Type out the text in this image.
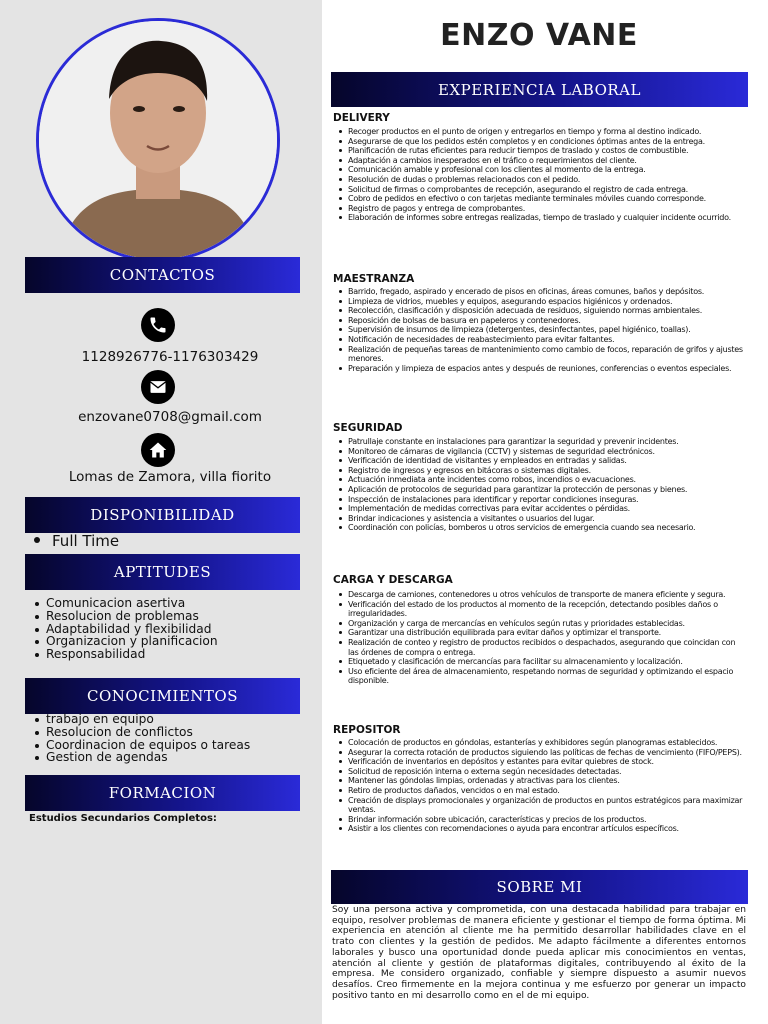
CONTACTOS
1128926776-1176303429
enzovane0708@gmail.com
Lomas de Zamora, villa fiorito
DISPONIBILIDAD
Full Time
APTITUDES
Comunicacion asertiva
Resolucion de problemas
Adaptabilidad y flexibilidad
Organizacion y planificacion
Responsabilidad
CONOCIMIENTOS
trabajo en equipo
Resolucion de conflictos
Coordinacion de equipos o tareas
Gestion de agendas
FORMACION
Estudios Secundarios Completos:
ENZO VANE
EXPERIENCIA LABORAL
DELIVERY
Recoger productos en el punto de origen y entregarlos en tiempo y forma al destino indicado.
Asegurarse de que los pedidos estén completos y en condiciones óptimas antes de la entrega.
Planificación de rutas eficientes para reducir tiempos de traslado y costos de combustible.
Adaptación a cambios inesperados en el tráfico o requerimientos del cliente.
Comunicación amable y profesional con los clientes al momento de la entrega.
Resolución de dudas o problemas relacionados con el pedido.
Solicitud de firmas o comprobantes de recepción, asegurando el registro de cada entrega.
Cobro de pedidos en efectivo o con tarjetas mediante terminales móviles cuando corresponde.
Registro de pagos y entrega de comprobantes.
Elaboración de informes sobre entregas realizadas, tiempo de traslado y cualquier incidente ocurrido.
MAESTRANZA
Barrido, fregado, aspirado y encerado de pisos en oficinas, áreas comunes, baños y depósitos.
Limpieza de vidrios, muebles y equipos, asegurando espacios higiénicos y ordenados.
Recolección, clasificación y disposición adecuada de residuos, siguiendo normas ambientales.
Reposición de bolsas de basura en papeleros y contenedores.
Supervisión de insumos de limpieza (detergentes, desinfectantes, papel higiénico, toallas).
Notificación de necesidades de reabastecimiento para evitar faltantes.
Realización de pequeñas tareas de mantenimiento como cambio de focos, reparación de grifos y ajustes menores.
Preparación y limpieza de espacios antes y después de reuniones, conferencias o eventos especiales.
SEGURIDAD
Patrullaje constante en instalaciones para garantizar la seguridad y prevenir incidentes.
Monitoreo de cámaras de vigilancia (CCTV) y sistemas de seguridad electrónicos.
Verificación de identidad de visitantes y empleados en entradas y salidas.
Registro de ingresos y egresos en bitácoras o sistemas digitales.
Actuación inmediata ante incidentes como robos, incendios o evacuaciones.
Aplicación de protocolos de seguridad para garantizar la protección de personas y bienes.
Inspección de instalaciones para identificar y reportar condiciones inseguras.
Implementación de medidas correctivas para evitar accidentes o pérdidas.
Brindar indicaciones y asistencia a visitantes o usuarios del lugar.
Coordinación con policías, bomberos u otros servicios de emergencia cuando sea necesario.
CARGA Y DESCARGA
Descarga de camiones, contenedores u otros vehículos de transporte de manera eficiente y segura.
Verificación del estado de los productos al momento de la recepción, detectando posibles daños o irregularidades.
Organización y carga de mercancías en vehículos según rutas y prioridades establecidas.
Garantizar una distribución equilibrada para evitar daños y optimizar el transporte.
Realización de conteo y registro de productos recibidos o despachados, asegurando que coincidan con las órdenes de compra o entrega.
Etiquetado y clasificación de mercancías para facilitar su almacenamiento y localización.
Uso eficiente del área de almacenamiento, respetando normas de seguridad y optimizando el espacio disponible.
REPOSITOR
Colocación de productos en góndolas, estanterías y exhibidores según planogramas establecidos.
Asegurar la correcta rotación de productos siguiendo las políticas de fechas de vencimiento (FIFO/PEPS).
Verificación de inventarios en depósitos y estantes para evitar quiebres de stock.
Solicitud de reposición interna o externa según necesidades detectadas.
Mantener las góndolas limpias, ordenadas y atractivas para los clientes.
Retiro de productos dañados, vencidos o en mal estado.
Creación de displays promocionales y organización de productos en puntos estratégicos para maximizar ventas.
Brindar información sobre ubicación, características y precios de los productos.
Asistir a los clientes con recomendaciones o ayuda para encontrar artículos específicos.
SOBRE MI
Soy una persona activa y comprometida, con una destacada habilidad para trabajar en equipo, resolver problemas de manera eficiente y gestionar el tiempo de forma óptima. Mi experiencia en atención al cliente me ha permitido desarrollar habilidades clave en el trato con clientes y la gestión de pedidos. Me adapto fácilmente a diferentes entornos laborales y busco una oportunidad donde pueda aplicar mis conocimientos en ventas, atención al cliente y gestión de plataformas digitales, contribuyendo al éxito de la empresa. Me considero organizado, confiable y siempre dispuesto a asumir nuevos desafíos. Creo firmemente en la mejora continua y me esfuerzo por generar un impacto positivo tanto en mi desarrollo como en el de mi equipo.
